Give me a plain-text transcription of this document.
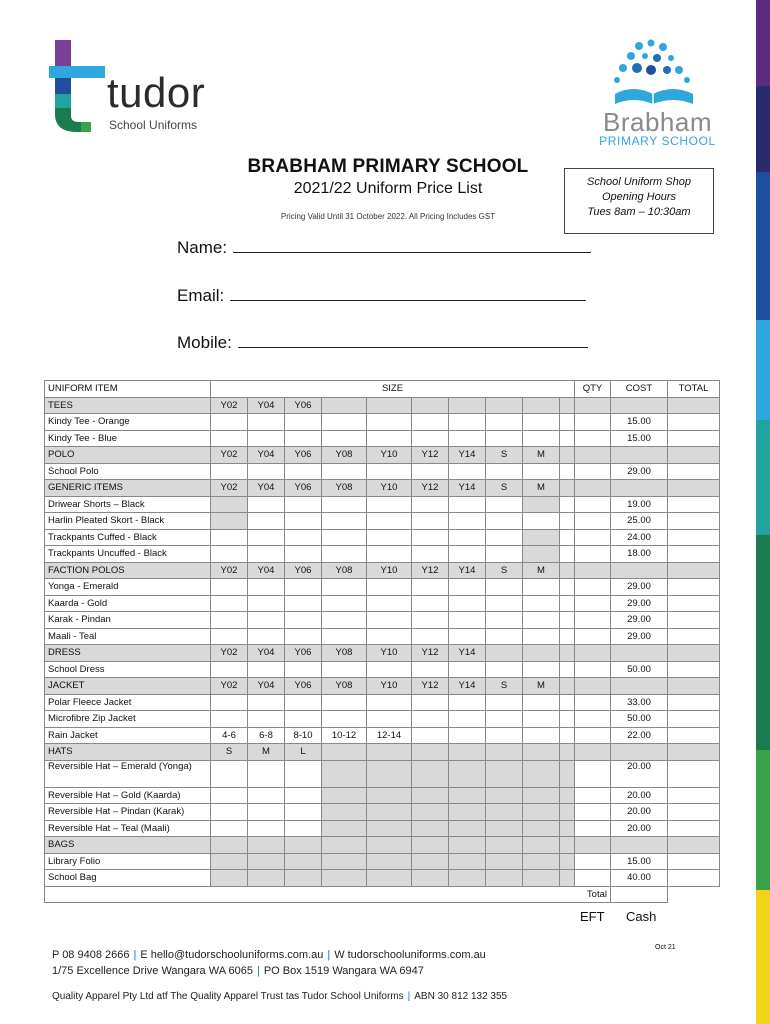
tudor
School Uniforms	Brabham
PRIMARY SCHOOL
BRABHAM PRIMARY SCHOOL
2021/22 Uniform Price List
Pricing Valid Until 31 October 2022. All Pricing Includes GST
School Uniform Shop
Opening Hours
Tues 8am – 10:30am
Name:
Email:
Mobile:
UNIFORM ITEM	SIZE										QTY	COST	TOTAL
TEES	Y02	Y04	Y06										
Kindy Tee - Orange												15.00	
Kindy Tee - Blue												15.00	
POLO	Y02	Y04	Y06	Y08	Y10	Y12	Y14	S	M				
School Polo												29.00	
GENERIC ITEMS	Y02	Y04	Y06	Y08	Y10	Y12	Y14	S	M				
Driwear Shorts – Black												19.00	
Harlin Pleated Skort - Black												25.00	
Trackpants Cuffed - Black												24.00	
Trackpants Uncuffed - Black												18.00	
FACTION POLOS	Y02	Y04	Y06	Y08	Y10	Y12	Y14	S	M				
Yonga - Emerald												29.00	
Kaarda - Gold												29.00	
Karak - Pindan												29.00	
Maali - Teal												29.00	
DRESS	Y02	Y04	Y06	Y08	Y10	Y12	Y14						
School Dress												50.00	
JACKET	Y02	Y04	Y06	Y08	Y10	Y12	Y14	S	M				
Polar Fleece Jacket												33.00	
Microfibre Zip Jacket												50.00	
Rain Jacket	4-6	6-8	8-10	10-12	12-14							22.00	
HATS	S	M	L										
Reversible Hat – Emerald (Yonga)												20.00	
Reversible Hat – Gold (Kaarda)												20.00	
Reversible Hat – Pindan (Karak)												20.00	
Reversible Hat – Teal (Maali)												20.00	
BAGS													
Library Folio												15.00	
School Bag												40.00	
Total													
EFT Cash
Oct 21
P 08 9408 2666 | E hello@tudorschooluniforms.com.au | W tudorschooluniforms.com.au
1/75 Excellence Drive Wangara WA 6065 | PO Box 1519 Wangara WA 6947
Quality Apparel Pty Ltd atf The Quality Apparel Trust tas Tudor School Uniforms | ABN 30 812 132 355
